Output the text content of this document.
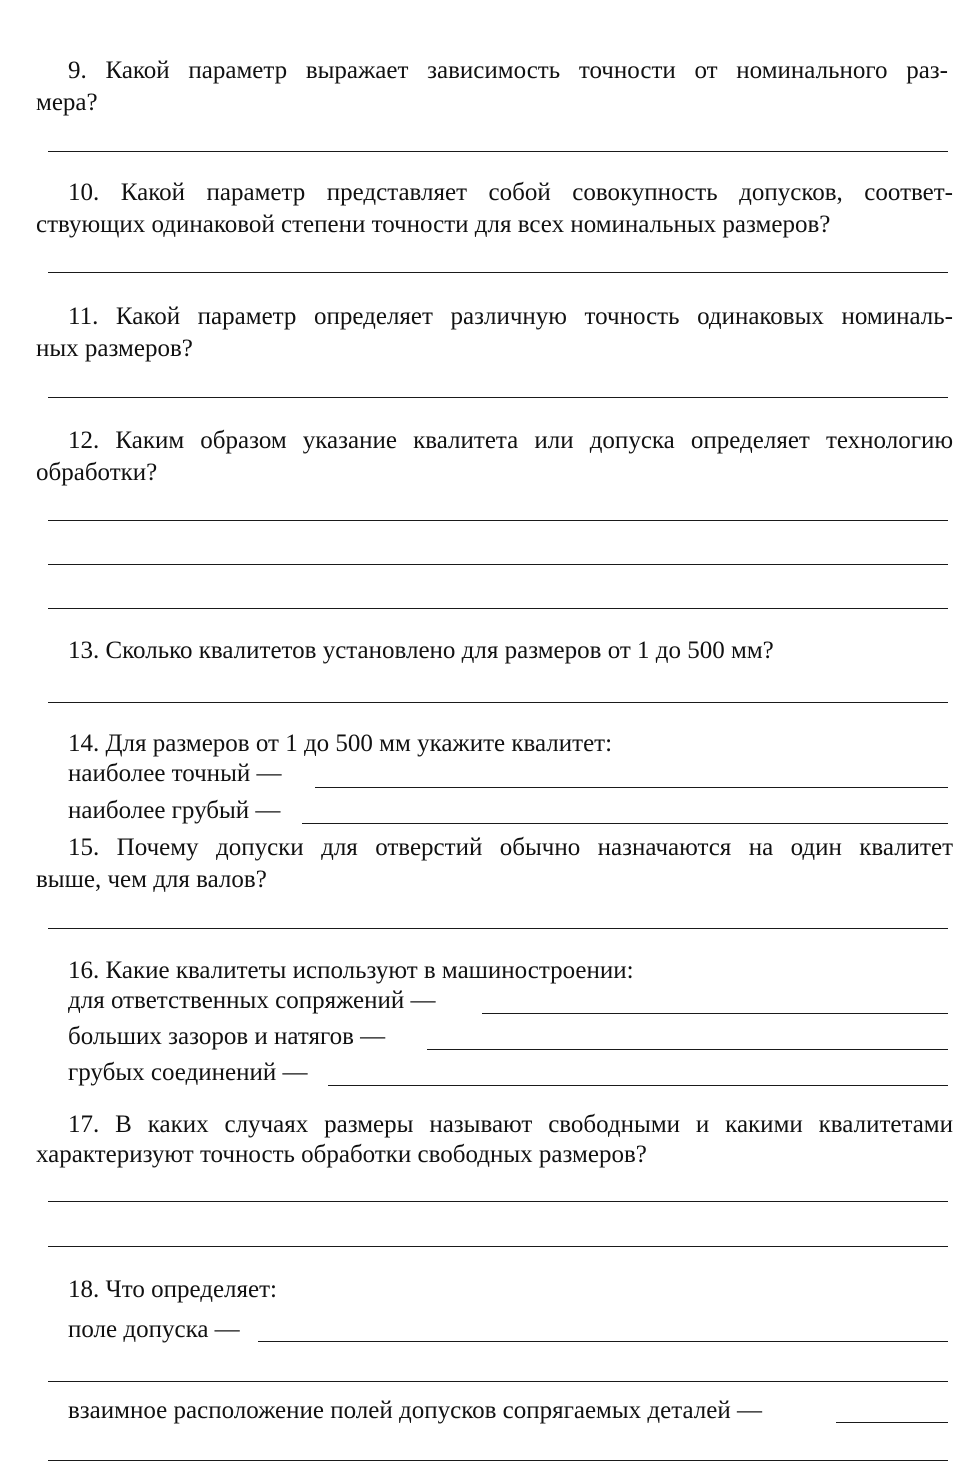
9. Какой параметр выражает зависимость точности от номинального раз-
мера?
10. Какой параметр представляет собой совокупность допусков, соответ-
ствующих одинаковой степени точности для всех номинальных размеров?
11. Какой параметр определяет различную точность одинаковых номиналь-
ных размеров?
12. Каким образом указание квалитета или допуска определяет технологию
обработки?
13. Сколько квалитетов установлено для размеров от 1 до 500 мм?
14. Для размеров от 1 до 500 мм укажите квалитет:
наиболее точный —
наиболее грубый —
15. Почему допуски для отверстий обычно назначаются на один квалитет
выше, чем для валов?
16. Какие квалитеты используют в машиностроении:
для ответственных сопряжений —
больших зазоров и натягов —
грубых соединений —
17. В каких случаях размеры называют свободными и какими квалитетами
характеризуют точность обработки свободных размеров?
18. Что определяет:
поле допуска —
взаимное расположение полей допусков сопрягаемых деталей —
